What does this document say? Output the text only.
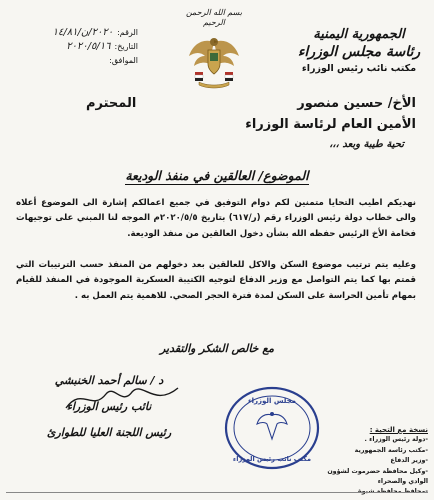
الجمهورية اليمنية
رئاسة مجلس الوزراء
مكتب نائب رئيس الوزراء
بسم الله الرحمن الرحيم
الرقم:
٢٠٢٠/ن/١٤/٨١
التاريخ:
٢٠٢٠/٥/١٦
الموافق:
الأخ/ حسين منصور
المحترم
الأمين العام لرئاسة الوزراء
تحية طيبة وبعد ،،،
الموضوع/ العالقين في منفذ الوديعة
نهديكم اطيب التحايا متمنين لكم دوام التوفيق في جميع اعمالكم إشارة الى الموضوع أعلاه والى خطاب دولة رئيس الوزراء رقم (ر/٦١٧) بتاريخ ٢٠٢٠/٥/٥م الموجه لنا المبني على توجيهات فخامة الأخ الرئيس حفظه الله بشأن دخول العالقين من منفذ الوديعة.
وعليه يتم ترتيب موضوع السكن والاكل للعالقين بعد دخولهم من المنفذ حسب الترتيبات التي قمتم بها كما يتم التواصل مع وزير الدفاع لتوجيه الكتيبة العسكرية الموجودة في المنفذ للقيام بمهام تأمين الحراسة على السكن لمدة فترة الحجر الصحي. للاهمية يتم العمل به .
مع خالص الشكر والتقدير
مجلس الوزراء
مكتب نائب رئيس الوزراء
د / سالم أحمد الخنبشي
نائب رئيس الوزراء
رئيس اللجنة العليا للطوارئ	نسخة مع التحية :
-دولة رئيس الوزراء .
-مكتب رئاسة الجمهورية
-وزير الدفاع
-وكيل محافظة حضرموت لشؤون الوادي والصحراء
-محافظ محافظة شبوة
